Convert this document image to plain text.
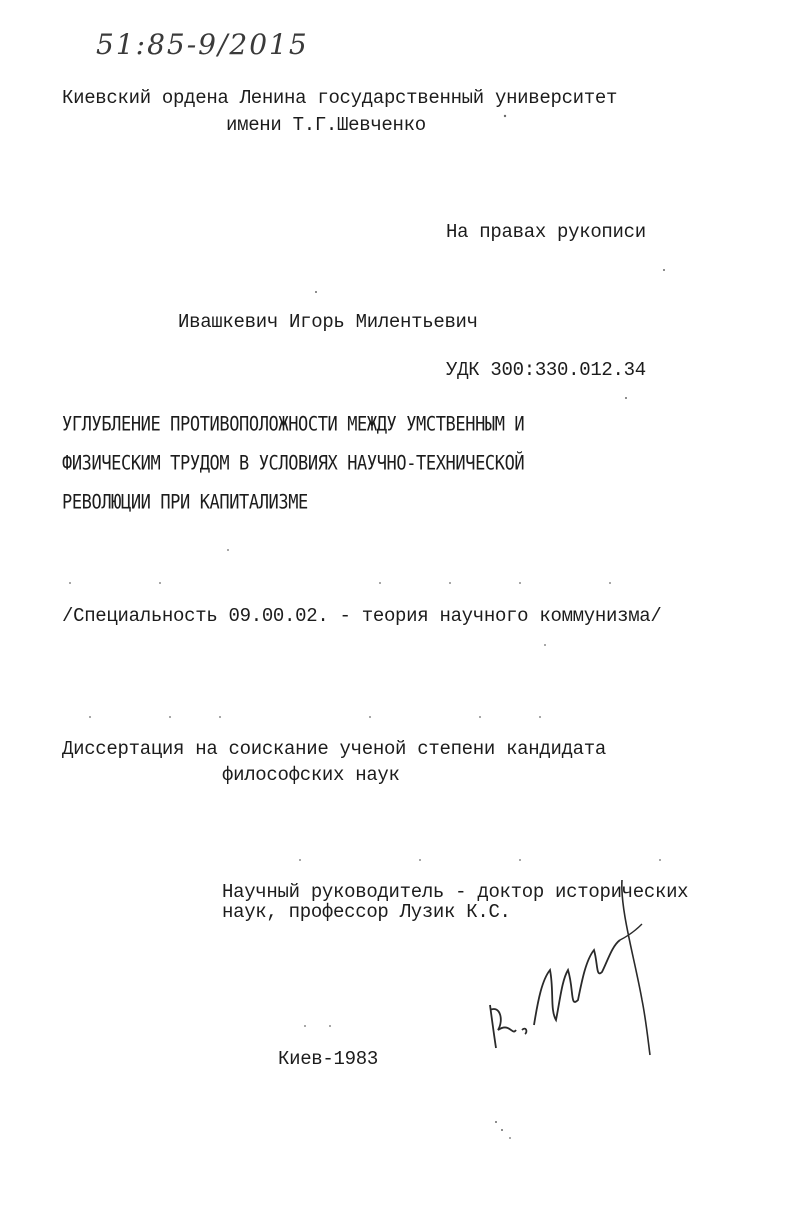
51:85-9/2015

Киевский ордена Ленина государственный университет

имени Т.Г.Шевченко

На правах рукописи

Ивашкевич Игорь Милентьевич

УДК 300:330.012.34

УГЛУБЛЕНИЕ ПРОТИВОПОЛОЖНОСТИ МЕЖДУ УМСТВЕННЫМ И

ФИЗИЧЕСКИМ ТРУДОМ В УСЛОВИЯХ НАУЧНО-ТЕХНИЧЕСКОЙ

РЕВОЛЮЦИИ ПРИ КАПИТАЛИЗМЕ

/Специальность 09.00.02. - теория научного коммунизма/

Диссертация на соискание ученой степени кандидата

философских наук

Научный руководитель - доктор исторических

наук, профессор Лузик К.С.

Киев-1983
